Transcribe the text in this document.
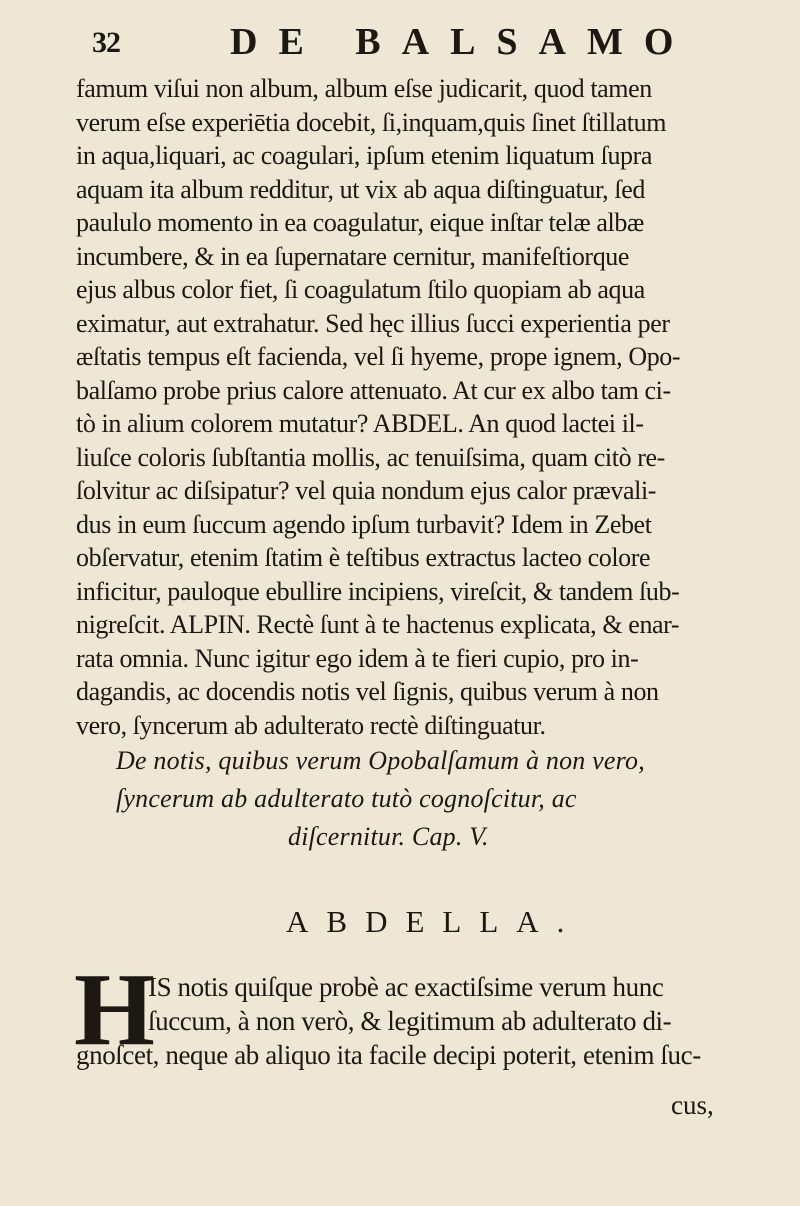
32	DE BALSAMO
famum viſui non album, album eſse judicarit, quod tamen
verum eſse experiētia docebit, ſi,inquam,quis ſinet ſtillatum
in aqua,liquari, ac coagulari, ipſum etenim liquatum ſupra
aquam ita album redditur, ut vix ab aqua diſtinguatur, ſed
paululo momento in ea coagulatur, eique inſtar telæ albæ
incumbere, & in ea ſupernatare cernitur, manifeſtiorque
ejus albus color fiet, ſi coagulatum ſtilo quopiam ab aqua
eximatur, aut extrahatur. Sed hęc illius ſucci experientia per
æſtatis tempus eſt facienda, vel ſi hyeme, prope ignem, Opo-
balſamo probe prius calore attenuato. At cur ex albo tam ci-
tò in alium colorem mutatur? ABDEL. An quod lactei il-
liuſce coloris ſubſtantia mollis, ac tenuiſsima, quam citò re-
ſolvitur ac diſsipatur? vel quia nondum ejus calor prævali-
dus in eum ſuccum agendo ipſum turbavit? Idem in Zebet
obſervatur, etenim ſtatim è teſtibus extractus lacteo colore
inficitur, pauloque ebullire incipiens, vireſcit, & tandem ſub-
nigreſcit. ALPIN. Rectè ſunt à te hactenus explicata, & enar-
rata omnia. Nunc igitur ego idem à te fieri cupio, pro in-
dagandis, ac docendis notis vel ſignis, quibus verum à non
vero, ſyncerum ab adulterato rectè diſtinguatur.
De notis, quibus verum Opobalſamum à non vero,
ſyncerum ab adulterato tutò cognoſcitur, ac
diſcernitur. Cap. V.
ABDELLA.
H
IS notis quiſque probè ac exactiſsime verum hunc
ſuccum, à non verò, & legitimum ab adulterato di-
gnoſcet, neque ab aliquo ita facile decipi poterit, etenim ſuc-
cus,
